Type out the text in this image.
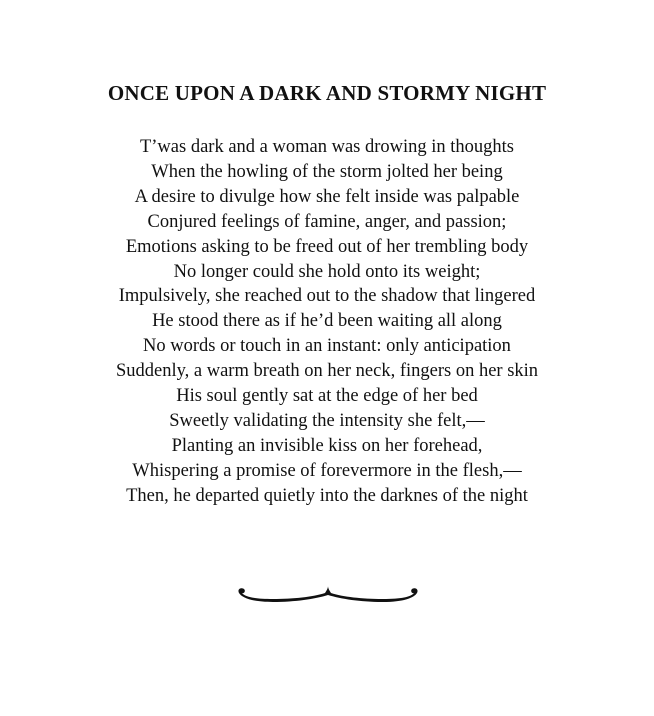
ONCE UPON A DARK AND STORMY NIGHT
T’was dark and a woman was drowing in thoughts
When the howling of the storm jolted her being
A desire to divulge how she felt inside was palpable
Conjured feelings of famine, anger, and passion;
Emotions asking to be freed out of her trembling body
No longer could she hold onto its weight;
Impulsively, she reached out to the shadow that lingered
He stood there as if he’d been waiting all along
No words or touch in an instant: only anticipation
Suddenly, a warm breath on her neck, fingers on her skin
His soul gently sat at the edge of her bed
Sweetly validating the intensity she felt,—
Planting an invisible kiss on her forehead,
Whispering a promise of forevermore in the flesh,—
Then, he departed quietly into the darknes of the night
